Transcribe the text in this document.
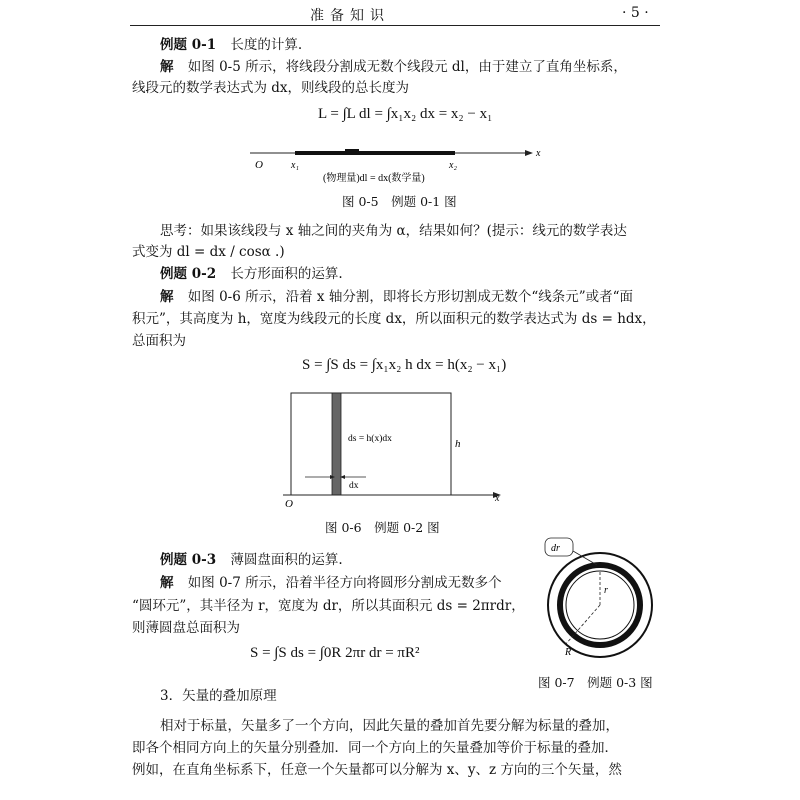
准备知识	· 5 ·
例题 0-1 长度的计算.
解 如图 0-5 所示，将线段分割成无数个线段元 dl，由于建立了直角坐标系，
线段元的数学表达式为 dx，则线段的总长度为
L = ∫L dl = ∫x₁x₂ dx = x₂ − x₁
O	x₁	x₂
x
(物理量)dl = dx(数学量)
图 0-5　例题 0-1 图
思考：如果该线段与 x 轴之间的夹角为 α，结果如何？(提示：线元的数学表达
式变为 dl = dx / cosα .)
例题 0-2 长方形面积的运算.
解 如图 0-6 所示，沿着 x 轴分割，即将长方形切割成无数个“线条元”或者“面
积元”，其高度为 h，宽度为线段元的长度 dx，所以面积元的数学表达式为 ds = hdx，
总面积为
S = ∫S ds = ∫x₁x₂ h dx = h(x₂ − x₁)
ds = h(x)dx	h
dx
O	x
图 0-6　例题 0-2 图
例题 0-3 薄圆盘面积的运算.
解 如图 0-7 所示，沿着半径方向将圆形分割成无数多个
“圆环元”，其半径为 r，宽度为 dr，所以其面积元 ds = 2πrdr，
则薄圆盘总面积为
S = ∫S ds = ∫0R 2πr dr = πR²
dr
r
R
图 0-7　例题 0-3 图
3．矢量的叠加原理
相对于标量，矢量多了一个方向，因此矢量的叠加首先要分解为标量的叠加，
即各个相同方向上的矢量分别叠加．同一个方向上的矢量叠加等价于标量的叠加．
例如，在直角坐标系下，任意一个矢量都可以分解为 x、y、z 方向的三个矢量，然
